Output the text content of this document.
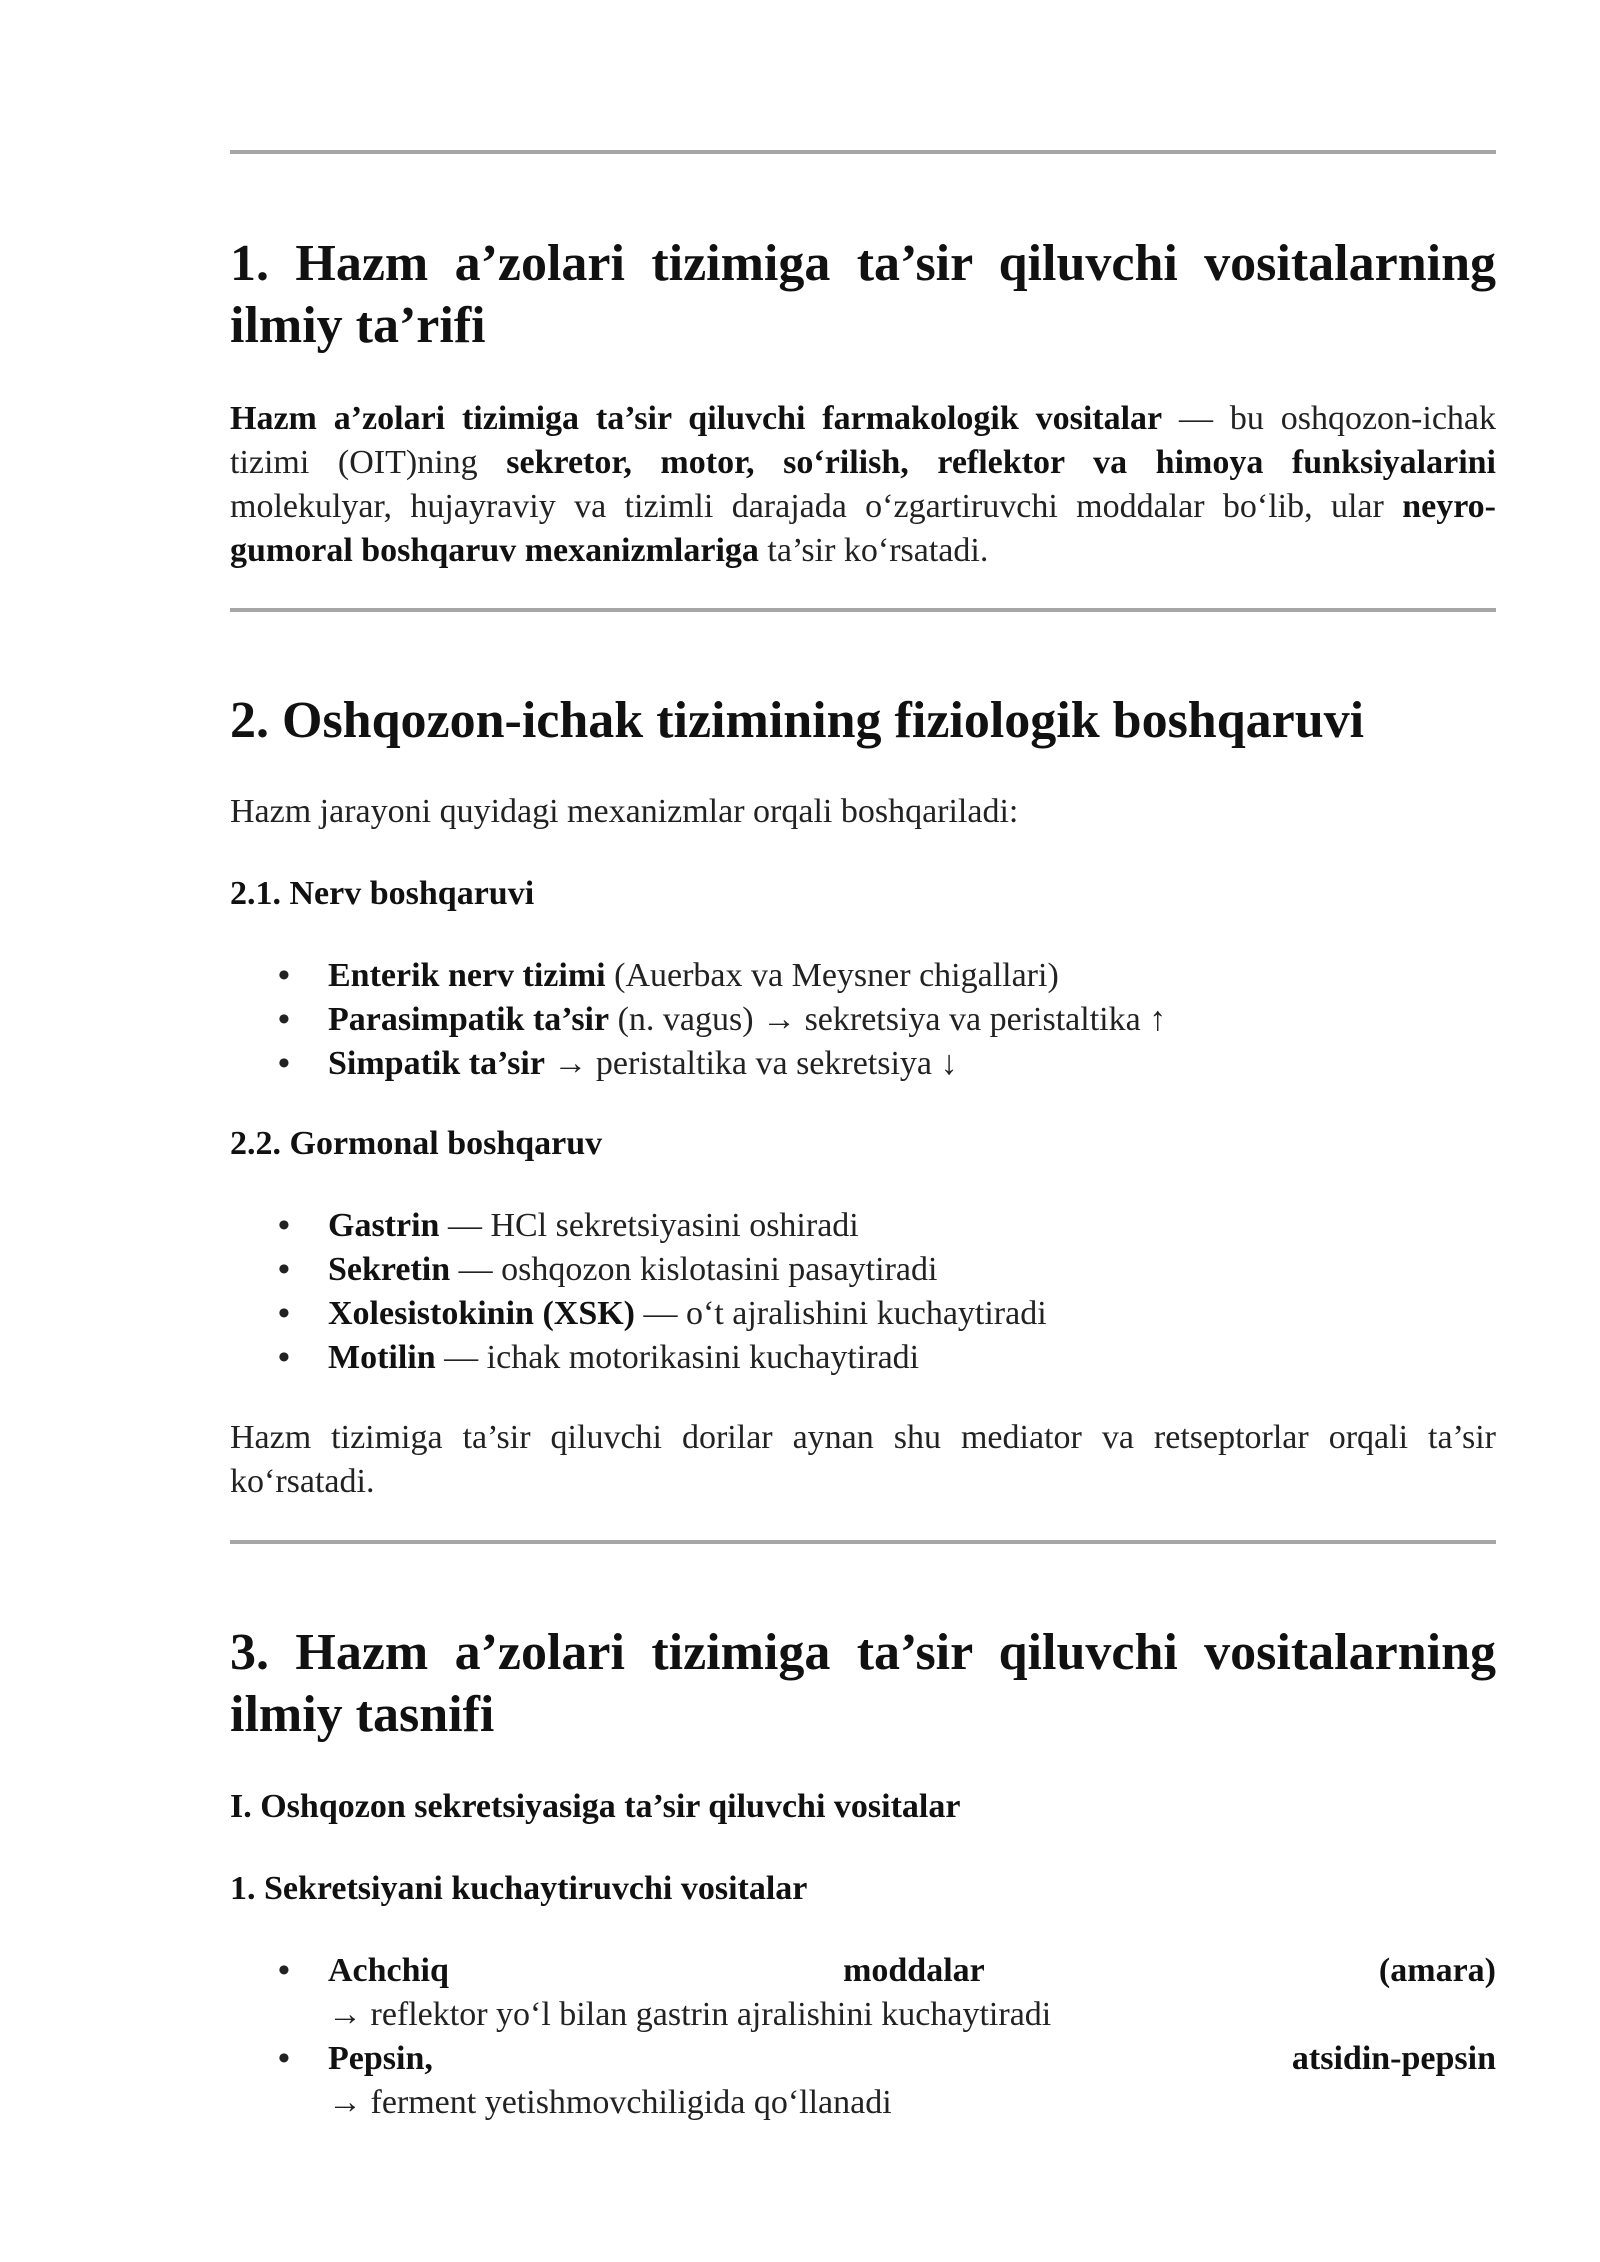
1. Hazm a’zolari tizimiga ta’sir qiluvchi vositalarning ilmiy ta’rifi

Hazm a’zolari tizimiga ta’sir qiluvchi farmakologik vositalar — bu oshqozon-ichak tizimi (OIT)ning sekretor, motor, so‘rilish, reflektor va himoya funksiyalarini molekulyar, hujayraviy va tizimli darajada o‘zgartiruvchi moddalar bo‘lib, ular neyro-gumoral boshqaruv mexanizmlariga ta’sir ko‘rsatadi.

2. Oshqozon-ichak tizimining fiziologik boshqaruvi

Hazm jarayoni quyidagi mexanizmlar orqali boshqariladi:

2.1. Nerv boshqaruvi
• Enterik nerv tizimi (Auerbax va Meysner chigallari)
• Parasimpatik ta’sir (n. vagus) → sekretsiya va peristaltika ↑
• Simpatik ta’sir → peristaltika va sekretsiya ↓
2.2. Gormonal boshqaruv
• Gastrin — HCl sekretsiyasini oshiradi
• Sekretin — oshqozon kislotasini pasaytiradi
• Xolesistokinin (XSK) — o‘t ajralishini kuchaytiradi
• Motilin — ichak motorikasini kuchaytiradi

Hazm tizimiga ta’sir qiluvchi dorilar aynan shu mediator va retseptorlar orqali ta’sir ko‘rsatadi.

3. Hazm a’zolari tizimiga ta’sir qiluvchi vositalarning ilmiy tasnifi
I. Oshqozon sekretsiyasiga ta’sir qiluvchi vositalar
1. Sekretsiyani kuchaytiruvchi vositalar
• Achchiq	moddalar	(amara)
→ reflektor yo‘l bilan gastrin ajralishini kuchaytiradi
• Pepsin,	atsidin-pepsin
→ ferment yetishmovchiligida qo‘llanadi
